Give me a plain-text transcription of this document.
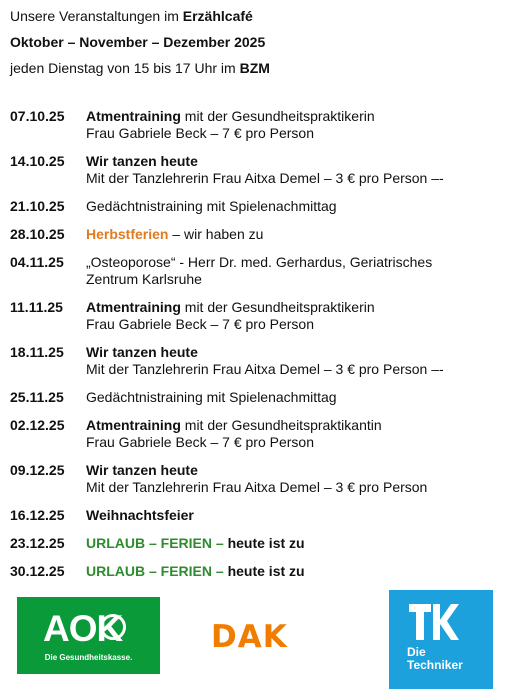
Unsere Veranstaltungen im Erzählcafé
Oktober – November – Dezember 2025
jeden Dienstag von 15 bis 17 Uhr im BZM
07.10.25	Atmentraining mit der Gesundheitspraktikerin
Frau Gabriele Beck – 7 € pro Person
14.10.25	Wir tanzen heute
Mit der Tanzlehrerin Frau Aitxa Demel – 3 € pro Person –-
21.10.25	Gedächtnistraining mit Spielenachmittag
28.10.25	Herbstferien – wir haben zu
04.11.25	„Osteoporose“ - Herr Dr. med. Gerhardus, Geriatrisches
Zentrum Karlsruhe
11.11.25	Atmentraining mit der Gesundheitspraktikerin
Frau Gabriele Beck – 7 € pro Person
18.11.25	Wir tanzen heute
Mit der Tanzlehrerin Frau Aitxa Demel – 3 € pro Person –-
25.11.25	Gedächtnistraining mit Spielenachmittag
02.12.25	Atmentraining mit der Gesundheitspraktikantin
Frau Gabriele Beck – 7 € pro Person
09.12.25	Wir tanzen heute
Mit der Tanzlehrerin Frau Aitxa Demel – 3 € pro Person
16.12.25	Weihnachtsfeier
23.12.25	URLAUB – FERIEN – heute ist zu
30.12.25	URLAUB – FERIEN – heute ist zu
AOK
Die Gesundheitskasse.
DAK	Die
Techniker
